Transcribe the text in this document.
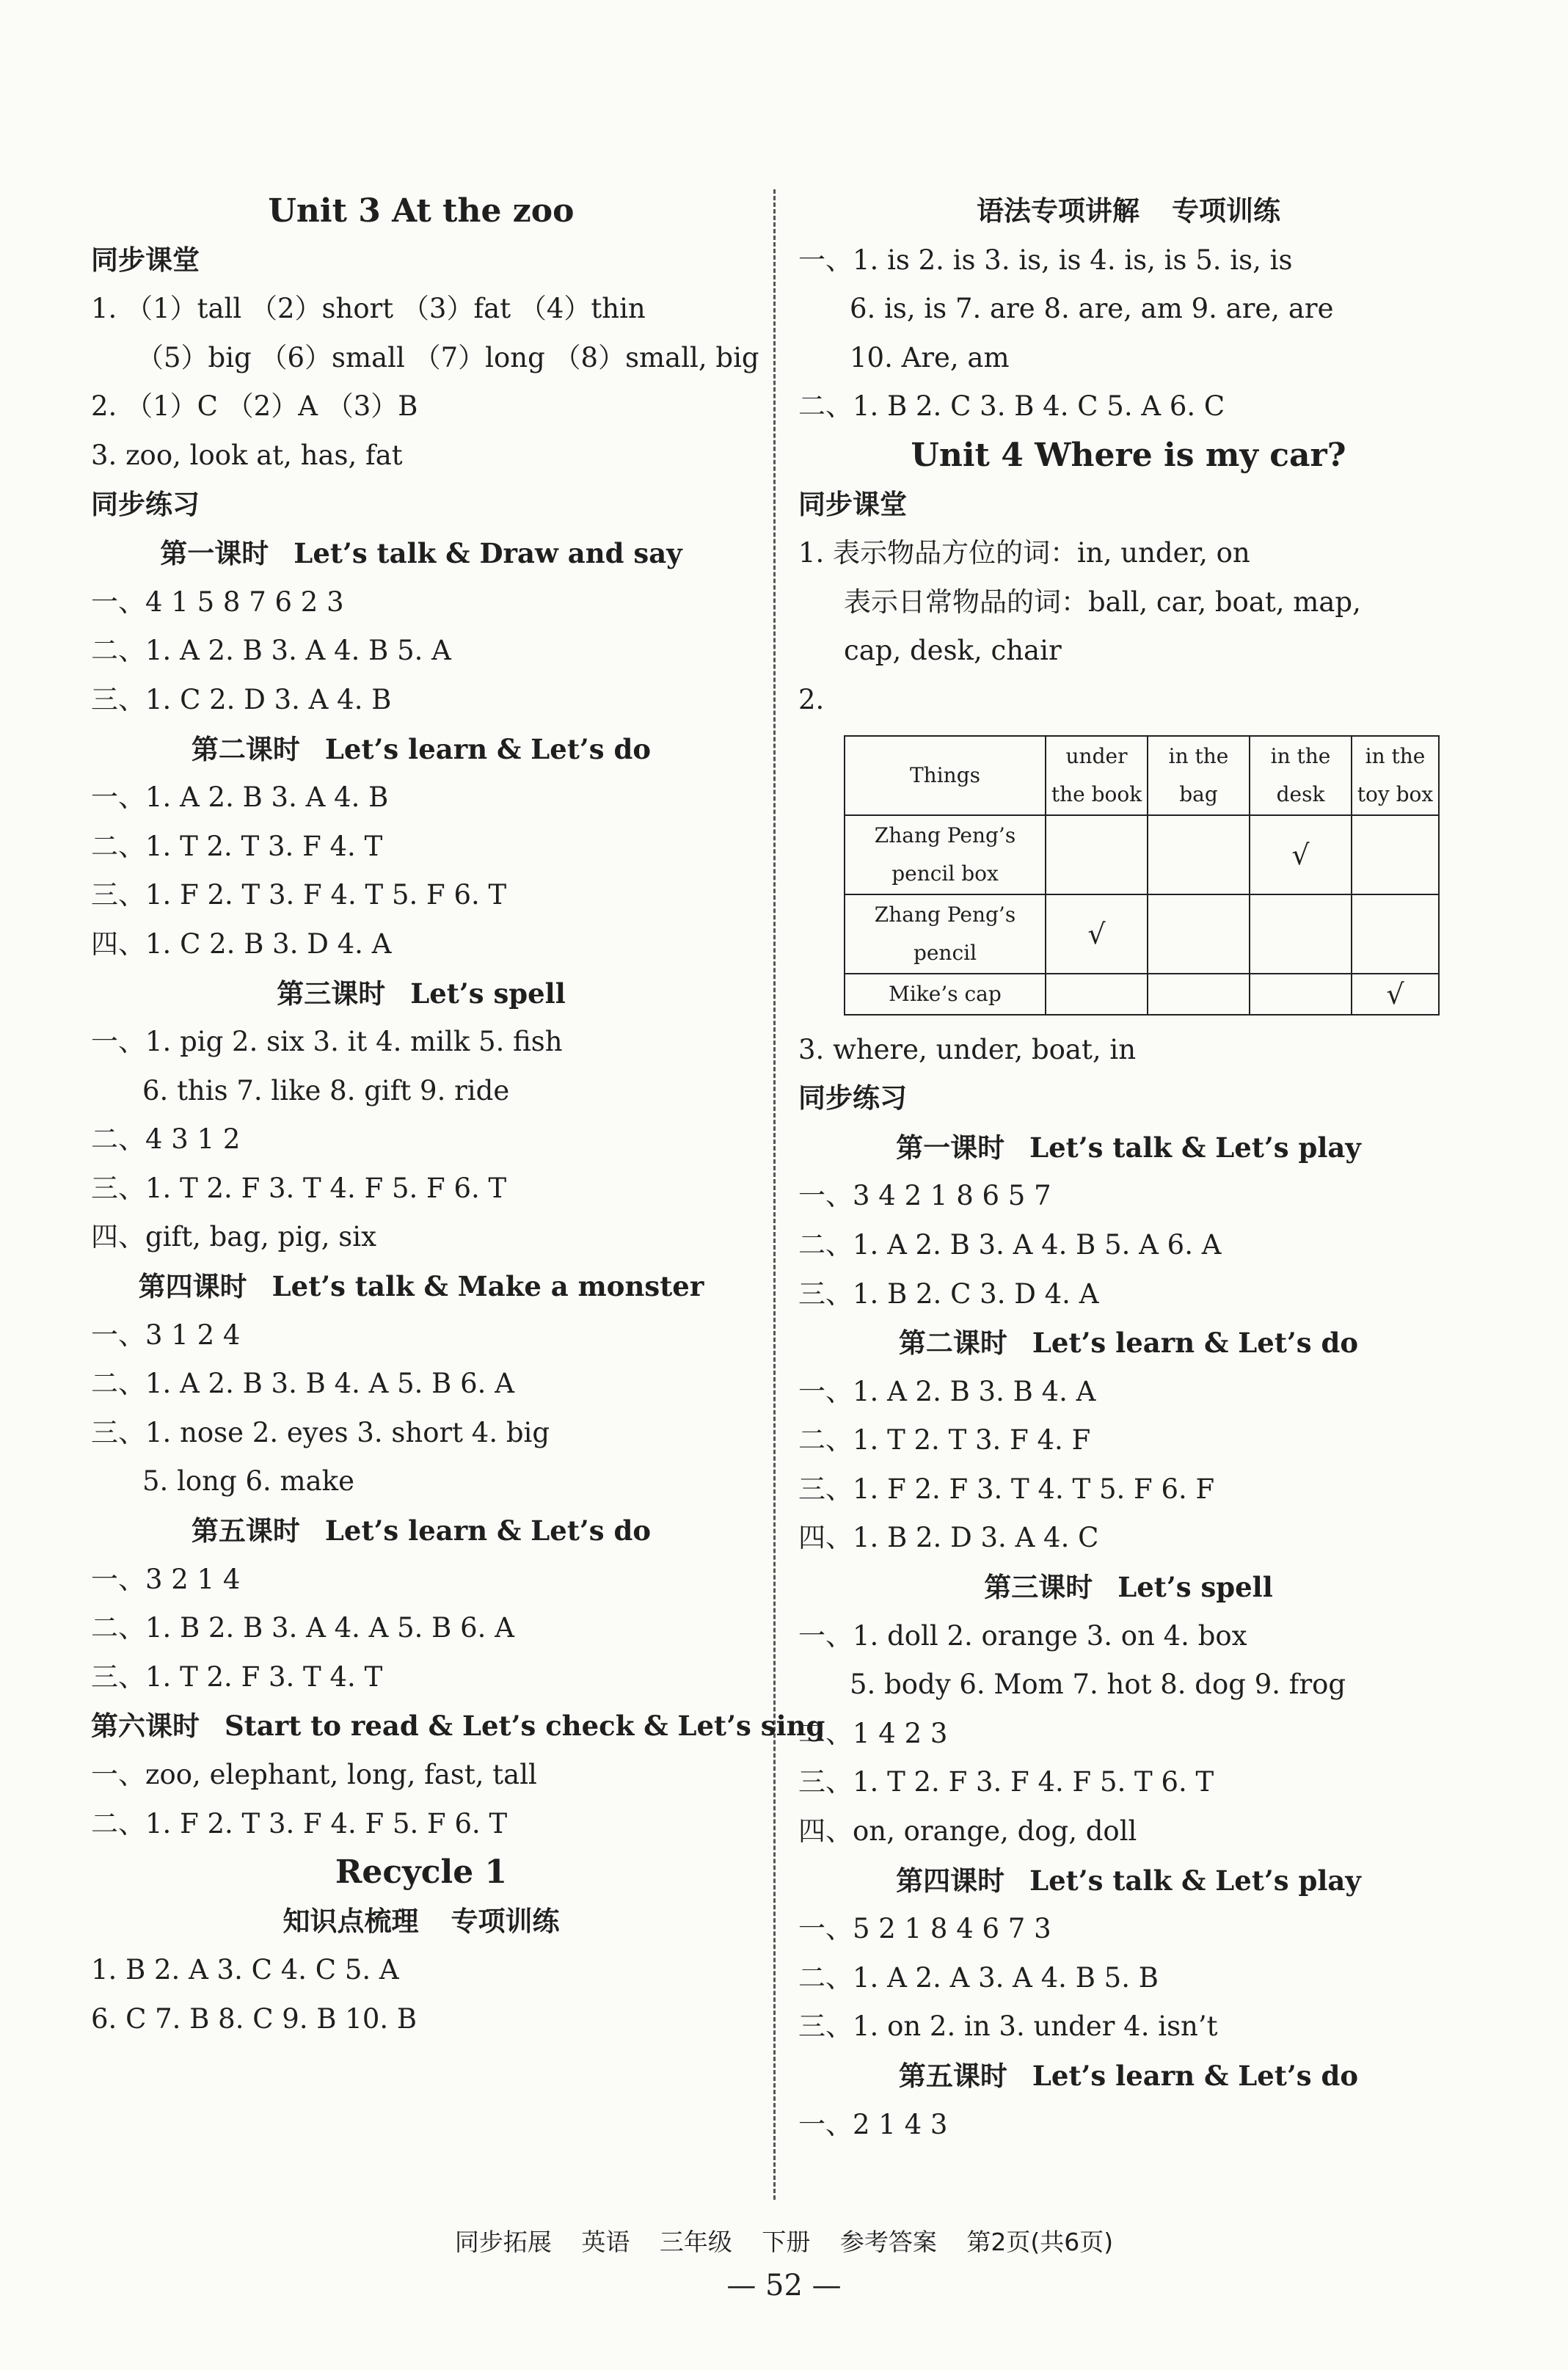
Unit 3 At the zoo
同步课堂
1. （1）tall （2）short （3）fat （4）thin
（5）big （6）small （7）long （8）small, big
2. （1）C （2）A （3）B
3. zoo, look at, has, fat
同步练习
第一课时 Let’s talk & Draw and say
一、4 1 5 8 7 6 2 3
二、1. A 2. B 3. A 4. B 5. A
三、1. C 2. D 3. A 4. B
第二课时 Let’s learn & Let’s do
一、1. A 2. B 3. A 4. B
二、1. T 2. T 3. F 4. T
三、1. F 2. T 3. F 4. T 5. F 6. T
四、1. C 2. B 3. D 4. A
第三课时 Let’s spell
一、1. pig 2. six 3. it 4. milk 5. fish
6. this 7. like 8. gift 9. ride
二、4 3 1 2
三、1. T 2. F 3. T 4. F 5. F 6. T
四、gift, bag, pig, six
第四课时 Let’s talk & Make a monster
一、3 1 2 4
二、1. A 2. B 3. B 4. A 5. B 6. A
三、1. nose 2. eyes 3. short 4. big
5. long 6. make
第五课时 Let’s learn & Let’s do
一、3 2 1 4
二、1. B 2. B 3. A 4. A 5. B 6. A
三、1. T 2. F 3. T 4. T
第六课时 Start to read & Let’s check & Let’s sing
一、zoo, elephant, long, fast, tall
二、1. F 2. T 3. F 4. F 5. F 6. T
Recycle 1
知识点梳理 专项训练
1. B 2. A 3. C 4. C 5. A
6. C 7. B 8. C 9. B 10. B
语法专项讲解 专项训练
一、1. is 2. is 3. is, is 4. is, is 5. is, is
6. is, is 7. are 8. are, am 9. are, are
10. Are, am
二、1. B 2. C 3. B 4. C 5. A 6. C
Unit 4 Where is my car?
同步课堂
1. 表示物品方位的词：in, under, on
表示日常物品的词：ball, car, boat, map,
cap, desk, chair
2.
Things	under the book	in the bag	in the desk	in the toy box
Zhang Peng’s pencil box			√	
Zhang Peng’s pencil	√			
Mike’s cap				√
3. where, under, boat, in
同步练习
第一课时 Let’s talk & Let’s play
一、3 4 2 1 8 6 5 7
二、1. A 2. B 3. A 4. B 5. A 6. A
三、1. B 2. C 3. D 4. A
第二课时 Let’s learn & Let’s do
一、1. A 2. B 3. B 4. A
二、1. T 2. T 3. F 4. F
三、1. F 2. F 3. T 4. T 5. F 6. F
四、1. B 2. D 3. A 4. C
第三课时 Let’s spell
一、1. doll 2. orange 3. on 4. box
5. body 6. Mom 7. hot 8. dog 9. frog
二、1 4 2 3
三、1. T 2. F 3. F 4. F 5. T 6. T
四、on, orange, dog, doll
第四课时 Let’s talk & Let’s play
一、5 2 1 8 4 6 7 3
二、1. A 2. A 3. A 4. B 5. B
三、1. on 2. in 3. under 4. isn’t
第五课时 Let’s learn & Let’s do
一、2 1 4 3
同步拓展 英语 三年级 下册 参考答案 第2页(共6页)
— 52 —
